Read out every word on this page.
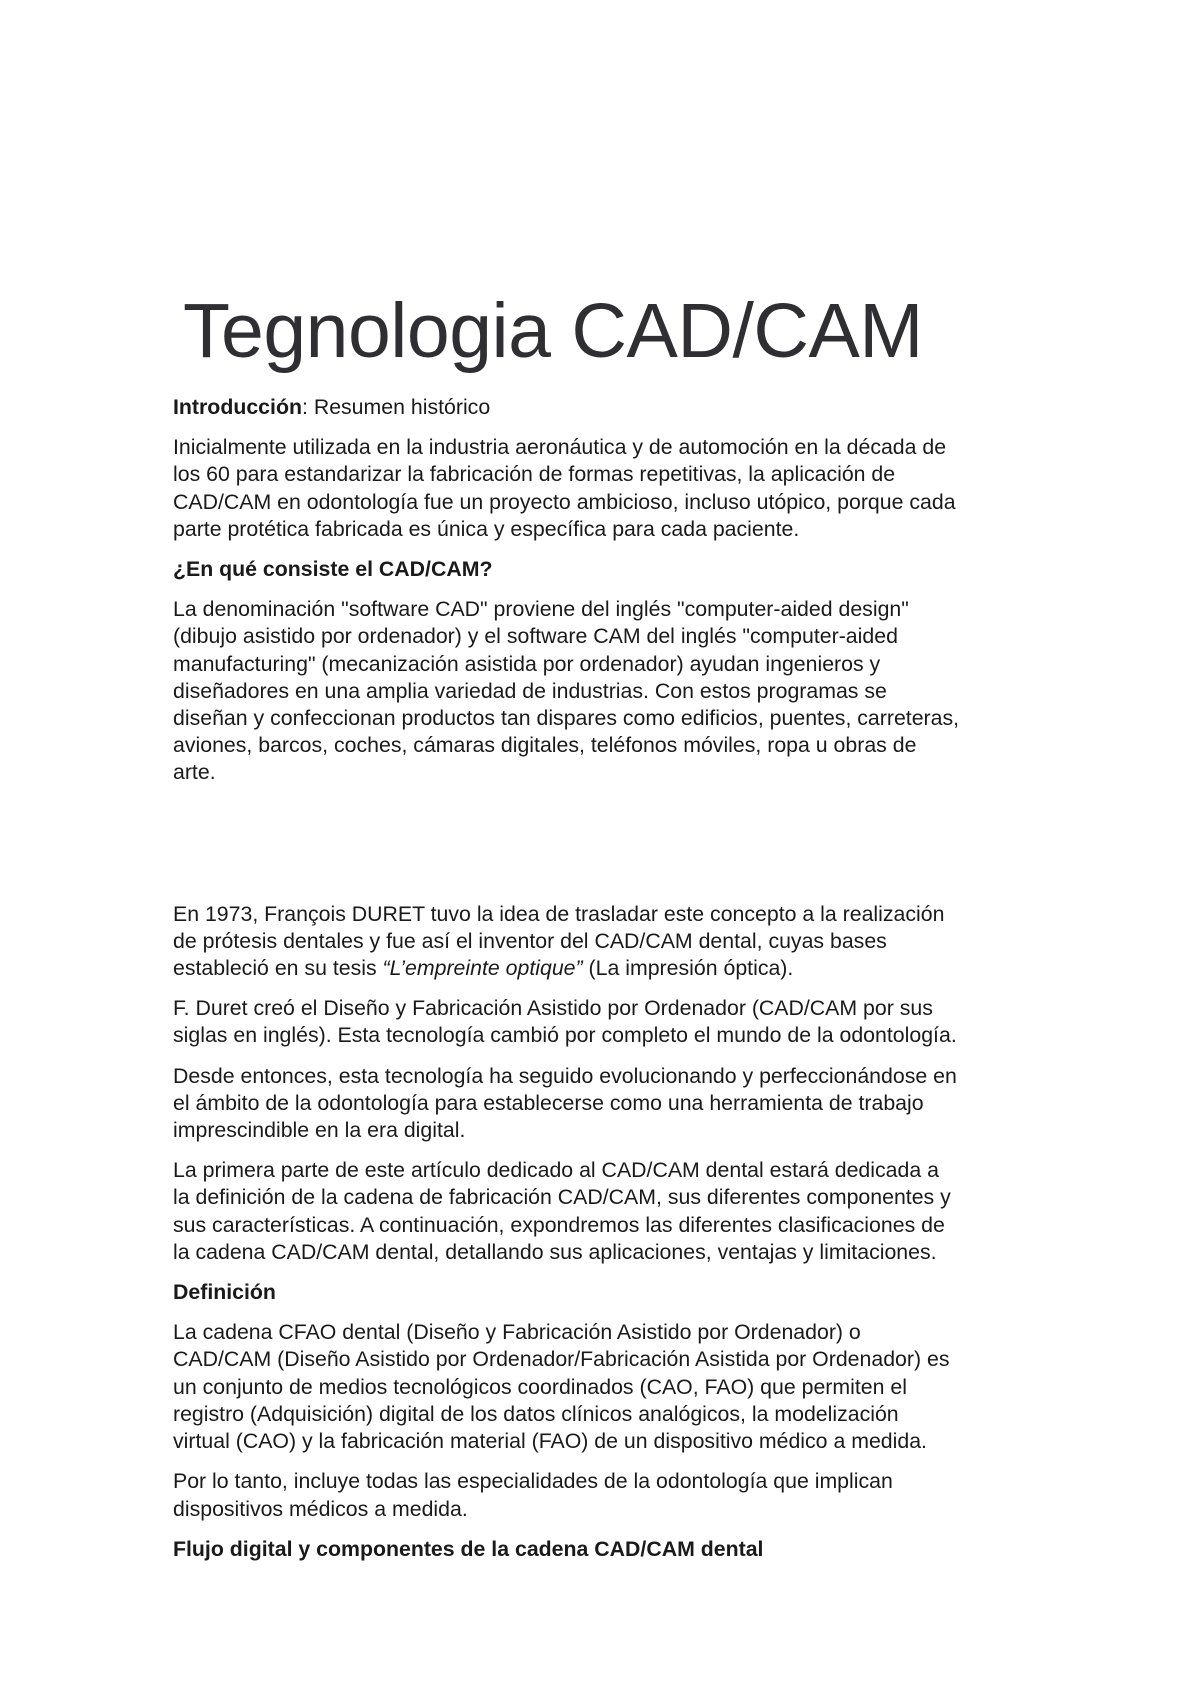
Tegnologia CAD/CAM

Introducción: Resumen histórico

Inicialmente utilizada en la industria aeronáutica y de automoción en la década de
los 60 para estandarizar la fabricación de formas repetitivas, la aplicación de
CAD/CAM en odontología fue un proyecto ambicioso, incluso utópico, porque cada
parte protética fabricada es única y específica para cada paciente.

¿En qué consiste el CAD/CAM?

La denominación "software CAD" proviene del inglés "computer-aided design"
(dibujo asistido por ordenador) y el software CAM del inglés "computer-aided
manufacturing" (mecanización asistida por ordenador) ayudan ingenieros y
diseñadores en una amplia variedad de industrias. Con estos programas se
diseñan y confeccionan productos tan dispares como edificios, puentes, carreteras,
aviones, barcos, coches, cámaras digitales, teléfonos móviles, ropa u obras de
arte.

En 1973, François DURET tuvo la idea de trasladar este concepto a la realización
de prótesis dentales y fue así el inventor del CAD/CAM dental, cuyas bases
estableció en su tesis “L’empreinte optique” (La impresión óptica).

F. Duret creó el Diseño y Fabricación Asistido por Ordenador (CAD/CAM por sus
siglas en inglés). Esta tecnología cambió por completo el mundo de la odontología.

Desde entonces, esta tecnología ha seguido evolucionando y perfeccionándose en
el ámbito de la odontología para establecerse como una herramienta de trabajo
imprescindible en la era digital.

La primera parte de este artículo dedicado al CAD/CAM dental estará dedicada a
la definición de la cadena de fabricación CAD/CAM, sus diferentes componentes y
sus características. A continuación, expondremos las diferentes clasificaciones de
la cadena CAD/CAM dental, detallando sus aplicaciones, ventajas y limitaciones.

Definición

La cadena CFAO dental (Diseño y Fabricación Asistido por Ordenador) o
CAD/CAM (Diseño Asistido por Ordenador/Fabricación Asistida por Ordenador) es
un conjunto de medios tecnológicos coordinados (CAO, FAO) que permiten el
registro (Adquisición) digital de los datos clínicos analógicos, la modelización
virtual (CAO) y la fabricación material (FAO) de un dispositivo médico a medida.

Por lo tanto, incluye todas las especialidades de la odontología que implican
dispositivos médicos a medida.

Flujo digital y componentes de la cadena CAD/CAM dental
